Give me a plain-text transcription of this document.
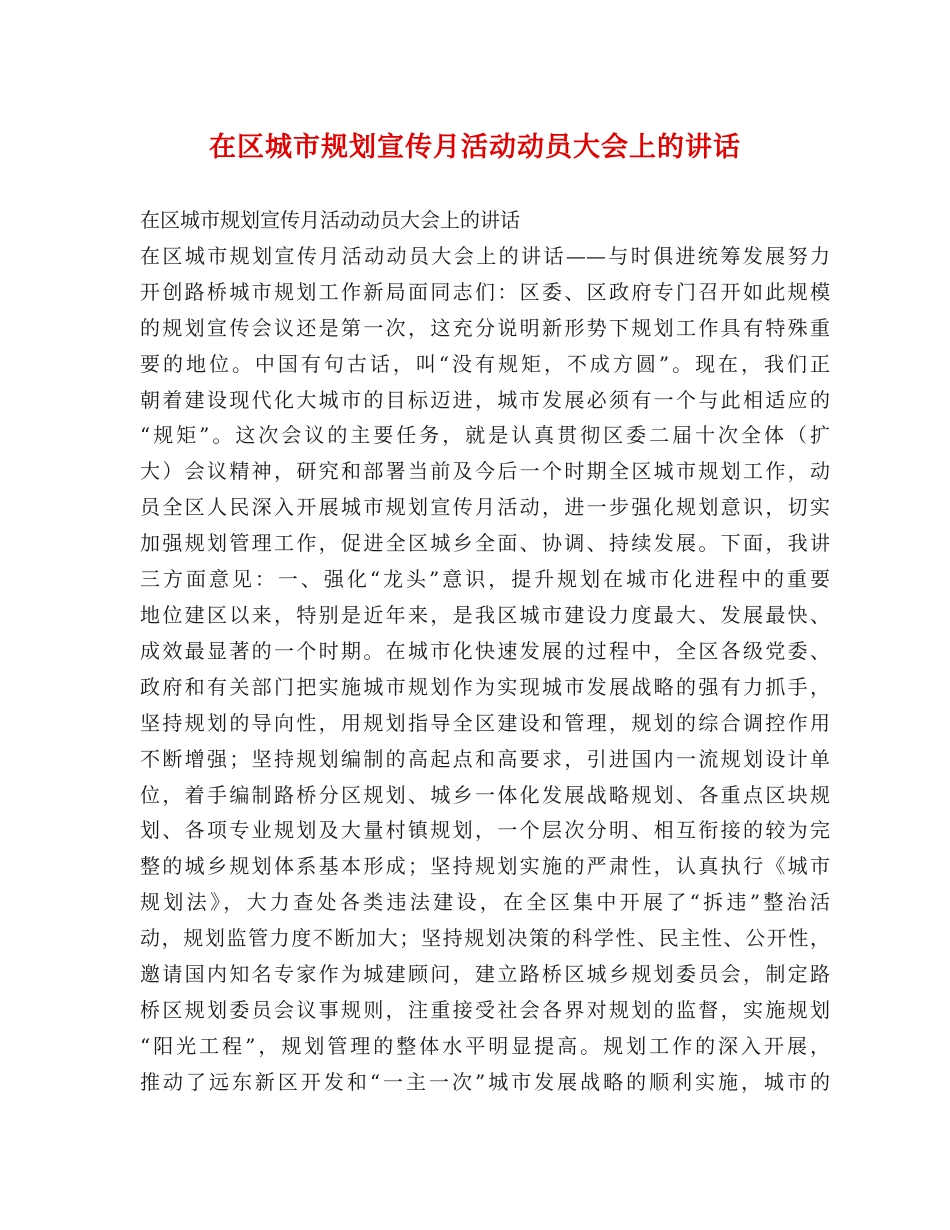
在区城市规划宣传月活动动员大会上的讲话
在区城市规划宣传月活动动员大会上的讲话
在区城市规划宣传月活动动员大会上的讲话——与时俱进统筹发展努力
开创路桥城市规划工作新局面同志们：区委、区政府专门召开如此规模
的规划宣传会议还是第一次，这充分说明新形势下规划工作具有特殊重
要的地位。中国有句古话，叫“没有规矩，不成方圆”。现在，我们正
朝着建设现代化大城市的目标迈进，城市发展必须有一个与此相适应的
“规矩”。这次会议的主要任务，就是认真贯彻区委二届十次全体（扩
大）会议精神，研究和部署当前及今后一个时期全区城市规划工作，动
员全区人民深入开展城市规划宣传月活动，进一步强化规划意识，切实
加强规划管理工作，促进全区城乡全面、协调、持续发展。下面，我讲
三方面意见：一、强化“龙头”意识，提升规划在城市化进程中的重要
地位建区以来，特别是近年来，是我区城市建设力度最大、发展最快、
成效最显著的一个时期。在城市化快速发展的过程中，全区各级党委、
政府和有关部门把实施城市规划作为实现城市发展战略的强有力抓手，
坚持规划的导向性，用规划指导全区建设和管理，规划的综合调控作用
不断增强；坚持规划编制的高起点和高要求，引进国内一流规划设计单
位，着手编制路桥分区规划、城乡一体化发展战略规划、各重点区块规
划、各项专业规划及大量村镇规划，一个层次分明、相互衔接的较为完
整的城乡规划体系基本形成；坚持规划实施的严肃性，认真执行《城市
规划法》，大力查处各类违法建设，在全区集中开展了“拆违”整治活
动，规划监管力度不断加大；坚持规划决策的科学性、民主性、公开性，
邀请国内知名专家作为城建顾问，建立路桥区城乡规划委员会，制定路
桥区规划委员会议事规则，注重接受社会各界对规划的监督，实施规划
“阳光工程”，规划管理的整体水平明显提高。规划工作的深入开展，
推动了远东新区开发和“一主一次”城市发展战略的顺利实施，城市的
